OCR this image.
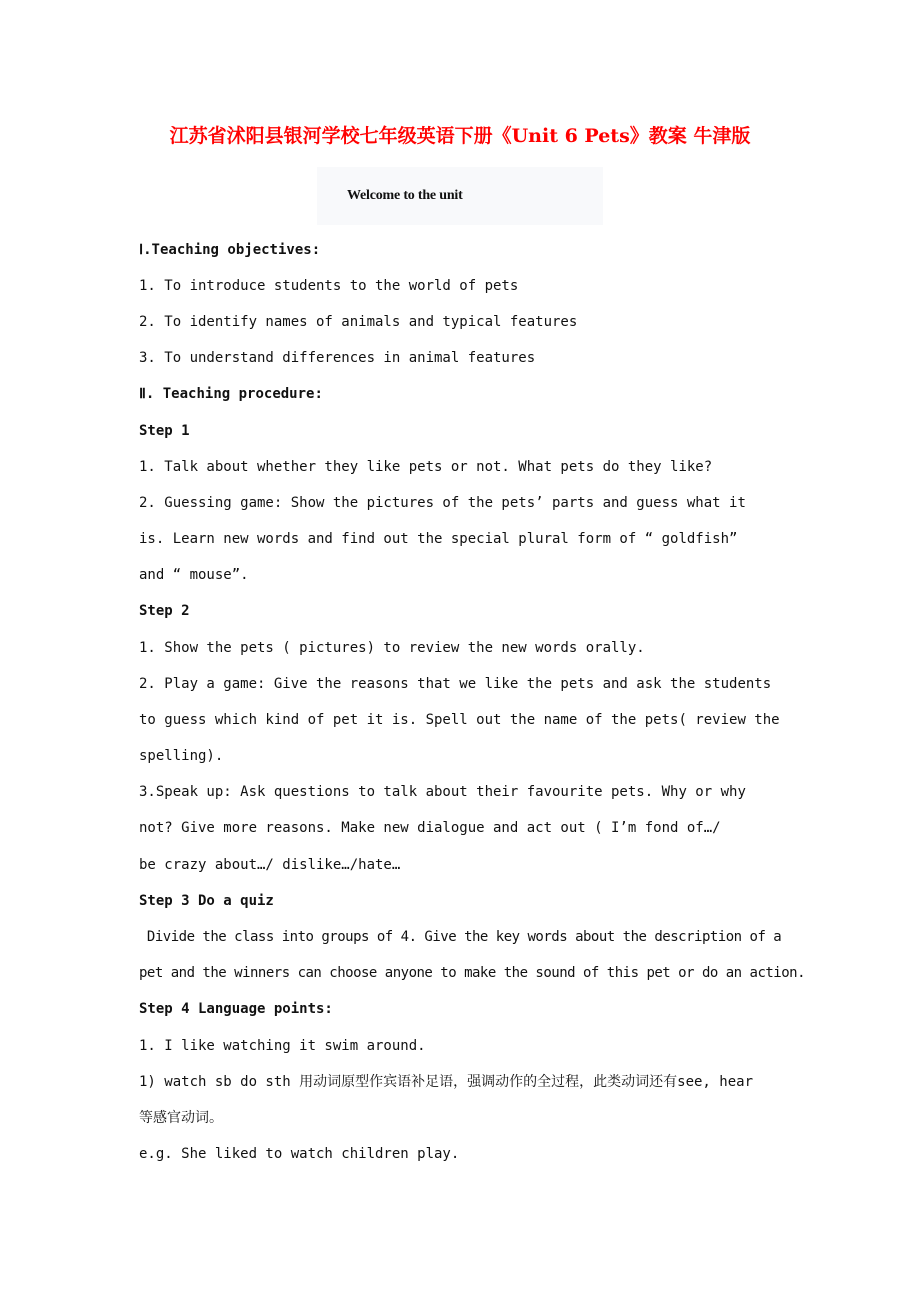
江苏省沭阳县银河学校七年级英语下册《Unit 6 Pets》教案 牛津版
Welcome to the unit

Ⅰ.Teaching objectives:

1. To introduce students to the world of pets

2. To identify names of animals and typical features

3. To understand differences in animal features

Ⅱ. Teaching procedure:

Step 1

1. Talk about whether they like pets or not. What pets do they like?

2. Guessing game: Show the pictures of the pets’ parts and guess what it

is. Learn new words and find out the special plural form of “ goldfish”

and “ mouse”.

Step 2

1. Show the pets ( pictures) to review the new words orally.

2. Play a game: Give the reasons that we like the pets and ask the students

to guess which kind of pet it is. Spell out the name of the pets( review the

spelling).

3.Speak up: Ask questions to talk about their favourite pets. Why or why

not? Give more reasons. Make new dialogue and act out ( I’m fond of…/

be crazy about…/ dislike…/hate…

Step 3 Do a quiz

Divide the class into groups of 4. Give the key words about the description of a

pet and the winners can choose anyone to make the sound of this pet or do an action.

Step 4 Language points:

1. I like watching it swim around.

1) watch sb do sth 用动词原型作宾语补足语，强调动作的全过程，此类动词还有see, hear

等感官动词。

e.g. She liked to watch children play.
